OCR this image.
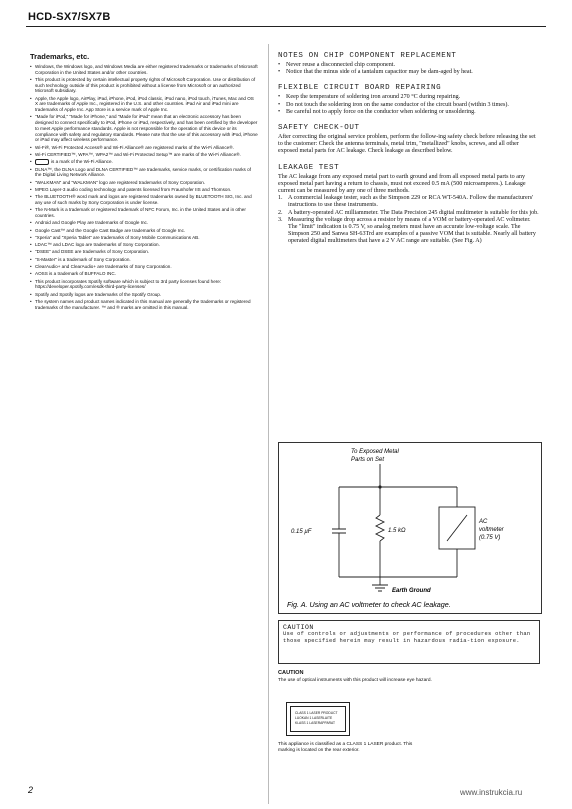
HCD-SX7/SX7B
Trademarks, etc.
• Windows, the Windows logo, and Windows Media are either registered trademarks or trademarks of Microsoft Corporation in the United States and/or other countries.
• This product is protected by certain intellectual property rights of Microsoft Corporation. Use or distribution of such technology outside of this product is prohibited without a license from Microsoft or an authorized Microsoft subsidiary.
• Apple, the Apple logo, AirPlay, iPad, iPhone, iPod, iPod classic, iPod nano, iPod touch, iTunes, Mac and OS X are trademarks of Apple Inc., registered in the U.S. and other countries. iPad Air and iPad mini are trademarks of Apple Inc. App Store is a service mark of Apple Inc.
• "Made for iPod," "Made for iPhone," and "Made for iPad" mean that an electronic accessory has been designed to connect specifically to iPod, iPhone or iPad, respectively, and has been certified by the developer to meet Apple performance standards. Apple is not responsible for the operation of this device or its compliance with safety and regulatory standards. Please note that the use of this accessory with iPod, iPhone or iPad may affect wireless performance.
• Wi-Fi®, Wi-Fi Protected Access® and Wi-Fi Alliance® are registered marks of the Wi-Fi Alliance®.
• Wi-Fi CERTIFIED™, WPA™, WPA2™ and Wi-Fi Protected Setup™ are marks of the Wi-Fi Alliance®.
• is a mark of the Wi-Fi Alliance.
• DLNA™, the DLNA Logo and DLNA CERTIFIED™ are trademarks, service marks, or certification marks of the Digital Living Network Alliance.
• "WALKMAN" and "WALKMAN" logo are registered trademarks of Sony Corporation.
• MPEG Layer-3 audio coding technology and patents licensed from Fraunhofer IIS and Thomson.
• The BLUETOOTH® word mark and logos are registered trademarks owned by BLUETOOTH SIG, Inc. and any use of such marks by Sony Corporation is under license.
• The N-Mark is a trademark or registered trademark of NFC Forum, Inc. in the United States and in other countries.
• Android and Google Play are trademarks of Google Inc.
• Google Cast™ and the Google Cast Badge are trademarks of Google Inc.
• "Xperia" and "Xperia Tablet" are trademarks of Sony Mobile Communications AB.
• LDAC™ and LDAC logo are trademarks of Sony Corporation.
• "DSEE" and DSEE are trademarks of Sony Corporation.
• "S-Master" is a trademark of Sony Corporation.
• ClearAudio+ and ClearAudio+ are trademarks of Sony Corporation.
• AOSS is a trademark of BUFFALO INC.
• This product incorporates Spotify software which is subject to 3rd party licenses found here: https://developer.spotify.com/esdk-third-party-licenses/
• Spotify and Spotify logos are trademarks of the Spotify Group.
• The system names and product names indicated in this manual are generally the trademarks or registered trademarks of the manufacturer. ™ and ® marks are omitted in this manual.
NOTES ON CHIP COMPONENT REPLACEMENT
• Never reuse a disconnected chip component.
• Notice that the minus side of a tantalum capacitor may be dam-aged by heat.
FLEXIBLE CIRCUIT BOARD REPAIRING
• Keep the temperature of soldering iron around 270 °C during repairing.
• Do not touch the soldering iron on the same conductor of the circuit board (within 3 times).
• Be careful not to apply force on the conductor when soldering or unsoldering.
SAFETY CHECK-OUT
After correcting the original service problem, perform the follow-ing safety check before releasing the set to the customer: Check the antenna terminals, metal trim, "metallized" knobs, screws, and all other exposed metal parts for AC leakage. Check leakage as described below.
LEAKAGE TEST
The AC leakage from any exposed metal part to earth ground and from all exposed metal parts to any exposed metal part having a return to chassis, must not exceed 0.5 mA (500 microamperes.). Leakage current can be measured by any one of three methods.
1. A commercial leakage tester, such as the Simpson 229 or RCA WT-540A. Follow the manufacturers' instructions to use these instruments.
2. A battery-operated AC milliammeter. The Data Precision 245 digital multimeter is suitable for this job.
3. Measuring the voltage drop across a resistor by means of a VOM or battery-operated AC voltmeter. The "limit" indication is 0.75 V, so analog meters must have an accurate low-voltage scale. The Simpson 250 and Sanwa SH-63Trd are examples of a passive VOM that is suitable. Nearly all battery operated digital multimeters that have a 2 V AC range are suitable. (See Fig. A)
To Exposed Metal
Parts on Set
0.15 µF	1.5 kΩ
AC
voltmeter
(0.75 V)
Earth Ground
Fig. A. Using an AC voltmeter to check AC leakage.
CAUTION
Use of controls or adjustments or performance of procedures other than those specified herein may result in hazardous radia-tion exposure.
CAUTION
The use of optical instruments with this product will increase eye hazard.
CLASS 1 LASER PRODUCT
LUOKAN 1 LASERLAITE
KLASS 1 LASERAPPARAT
This appliance is classified as a CLASS 1 LASER product. This marking is located on the rear exterior.
2	www.instrukcia.ru
